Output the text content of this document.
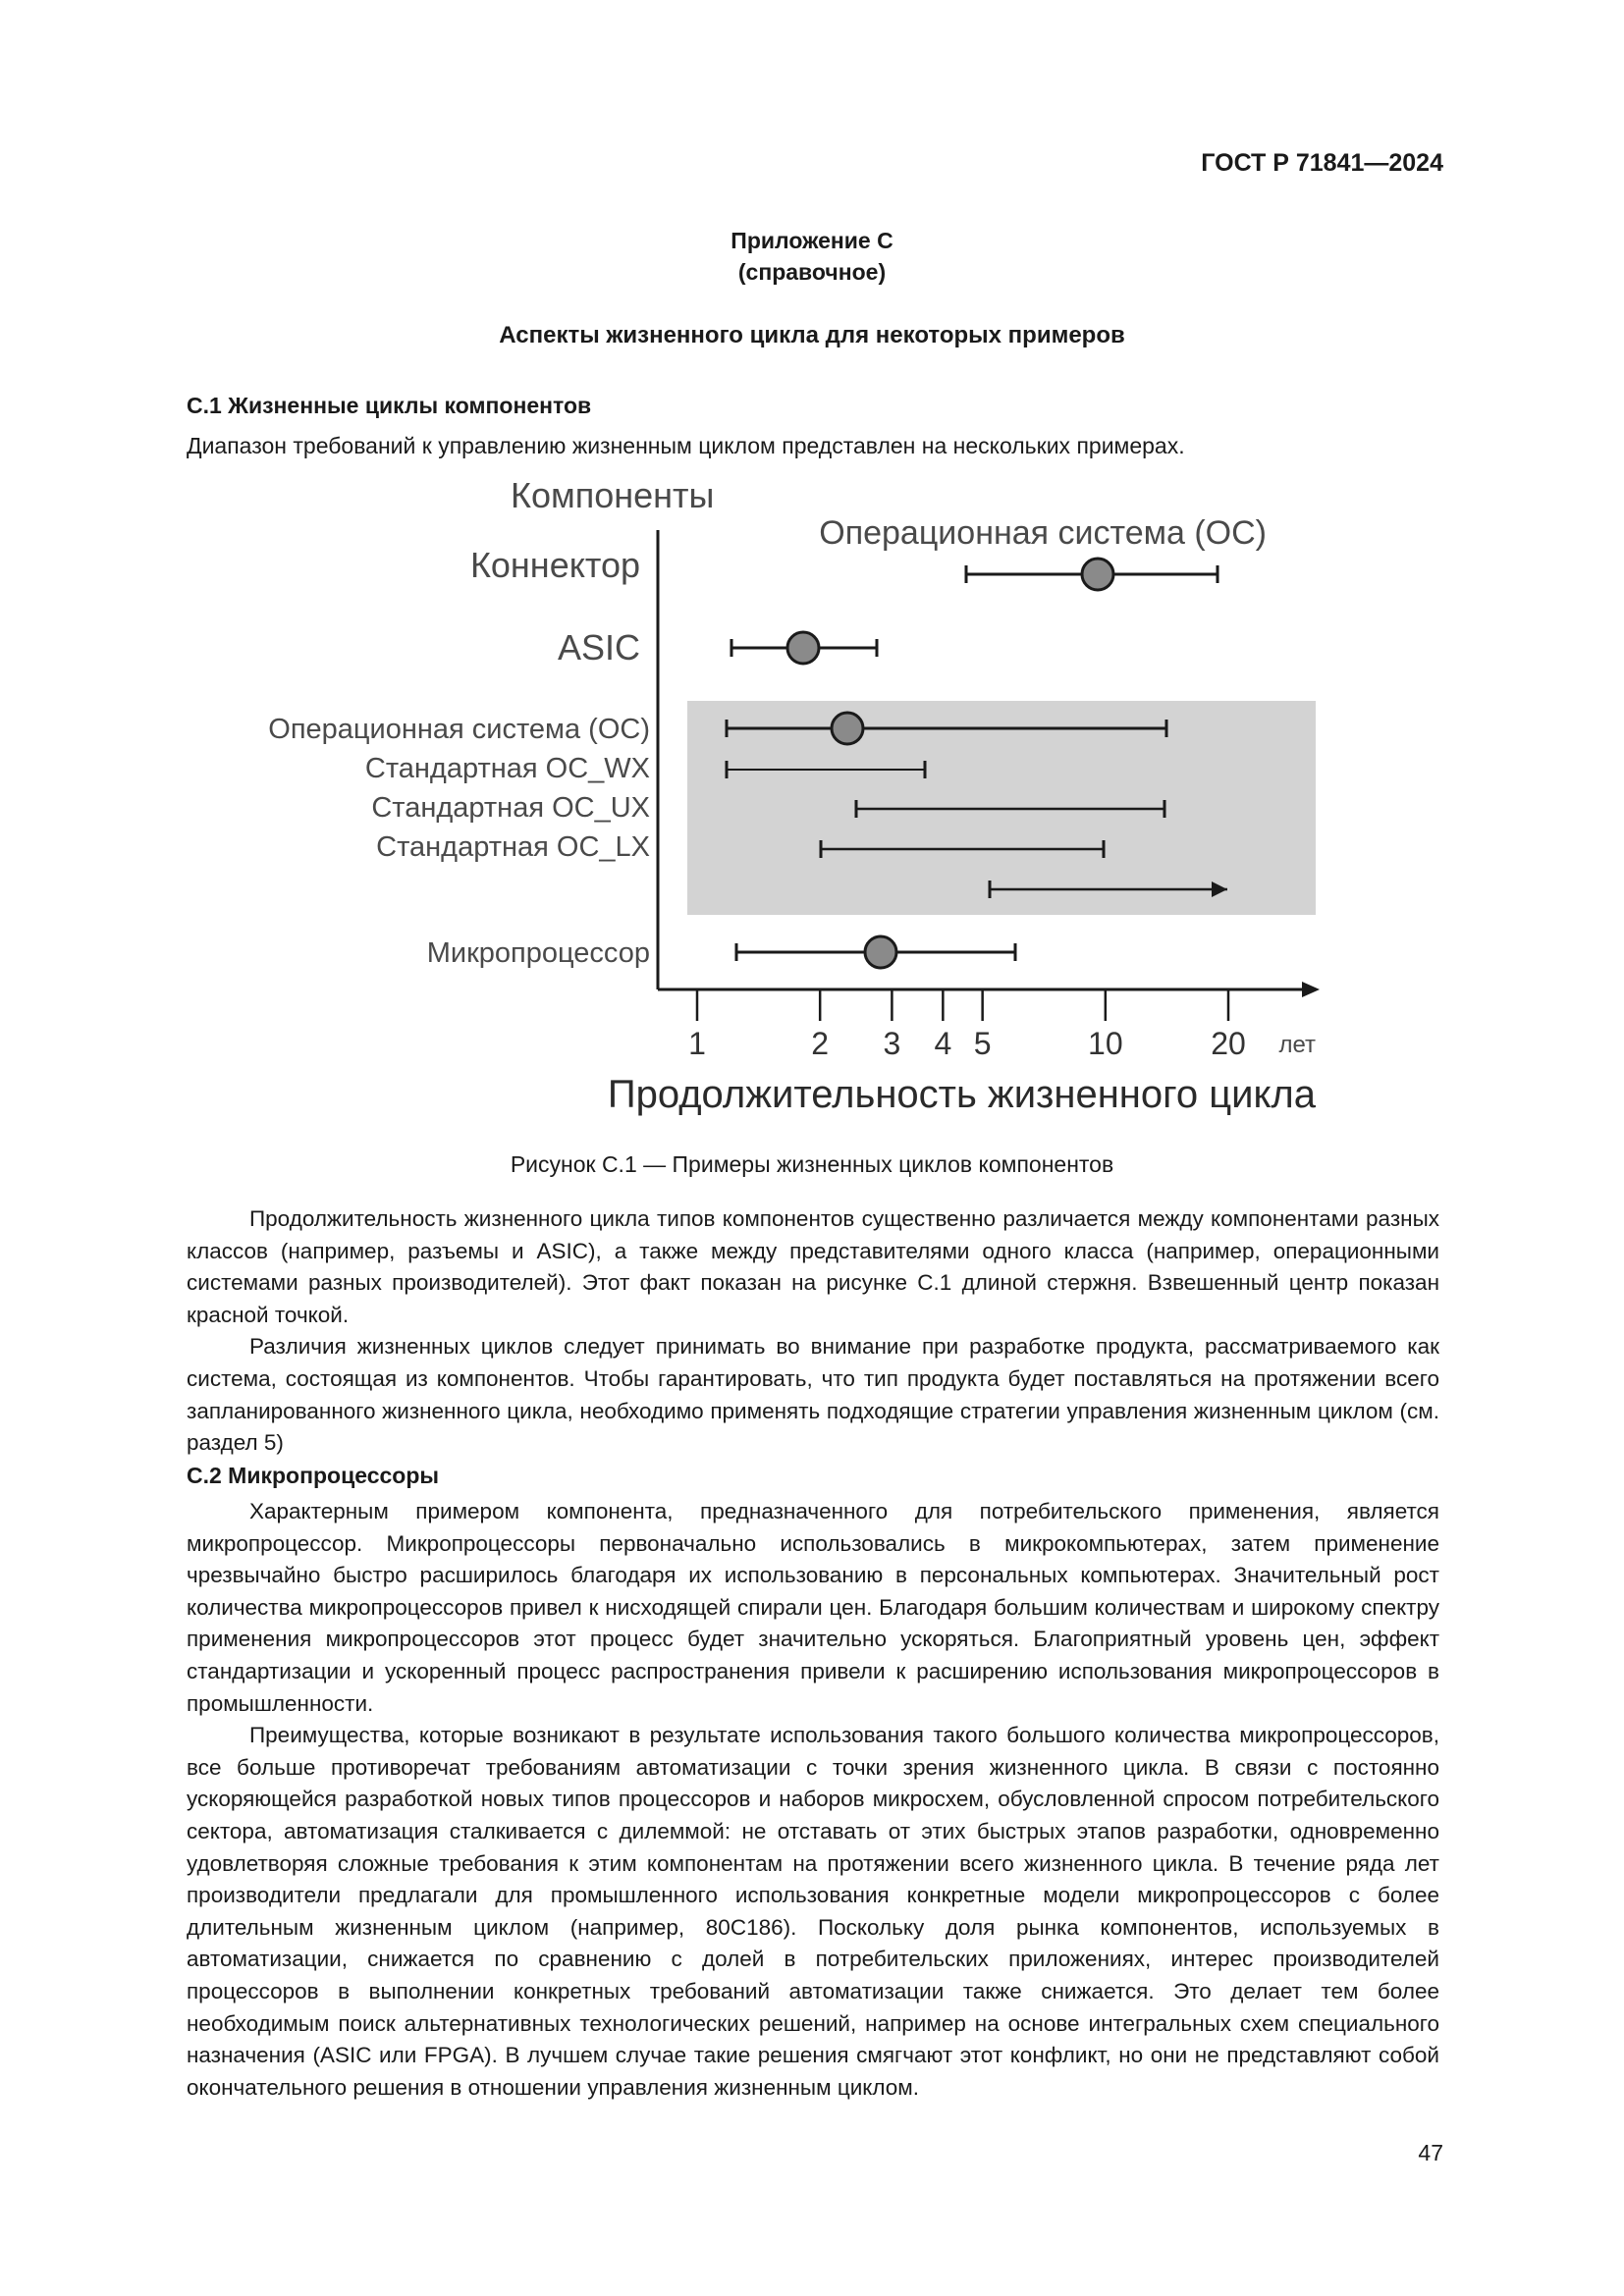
ГОСТ Р 71841—2024
Приложение С
(справочное)
Аспекты жизненного цикла для некоторых примеров
С.1 Жизненные циклы компонентов
Диапазон требований к управлению жизненным циклом представлен на нескольких примерах.
Компоненты
Продолжительность жизненного цикла
лет
1	2 3 4 5	10	20
Операционная система (ОС)
Коннектор
ASIC
Операционная система (ОС)
Стандартная ОС_WX
Стандартная ОС_UX
Стандартная ОС_LX
Микропроцессор
Рисунок С.1 — Примеры жизненных циклов компонентов

Продолжительность жизненного цикла типов компонентов существенно различается между компонентами разных классов (например, разъемы и ASIC), а также между представителями одного класса (например, операционными системами разных производителей). Этот факт показан на рисунке С.1 длиной стержня. Взвешенный центр показан красной точкой.

Различия жизненных циклов следует принимать во внимание при разработке продукта, рассматриваемого как система, состоящая из компонентов. Чтобы гарантировать, что тип продукта будет поставляться на протяжении всего запланированного жизненного цикла, необходимо применять подходящие стратегии управления жизненным циклом (см. раздел 5)

С.2 Микропроцессоры

Характерным примером компонента, предназначенного для потребительского применения, является микропроцессор. Микропроцессоры первоначально использовались в микрокомпьютерах, затем применение чрезвычайно быстро расширилось благодаря их использованию в персональных компьютерах. Значительный рост количества микропроцессоров привел к нисходящей спирали цен. Благодаря большим количествам и широкому спектру применения микропроцессоров этот процесс будет значительно ускоряться. Благоприятный уровень цен, эффект стандартизации и ускоренный процесс распространения привели к расширению использования микропроцессоров в промышленности.

Преимущества, которые возникают в результате использования такого большого количества микропроцессоров, все больше противоречат требованиям автоматизации с точки зрения жизненного цикла. В связи с постоянно ускоряющейся разработкой новых типов процессоров и наборов микросхем, обусловленной спросом потребительского сектора, автоматизация сталкивается с дилеммой: не отставать от этих быстрых этапов разработки, одновременно удовлетворяя сложные требования к этим компонентам на протяжении всего жизненного цикла. В течение ряда лет производители предлагали для промышленного использования конкретные модели микропроцессоров с более длительным жизненным циклом (например, 80С186). Поскольку доля рынка компонентов, используемых в автоматизации, снижается по сравнению с долей в потребительских приложениях, интерес производителей процессоров в выполнении конкретных требований автоматизации также снижается. Это делает тем более необходимым поиск альтернативных технологических решений, например на основе интегральных схем специального назначения (ASIC или FPGA). В лучшем случае такие решения смягчают этот конфликт, но они не представляют собой окончательного решения в отношении управления жизненным циклом.

47
